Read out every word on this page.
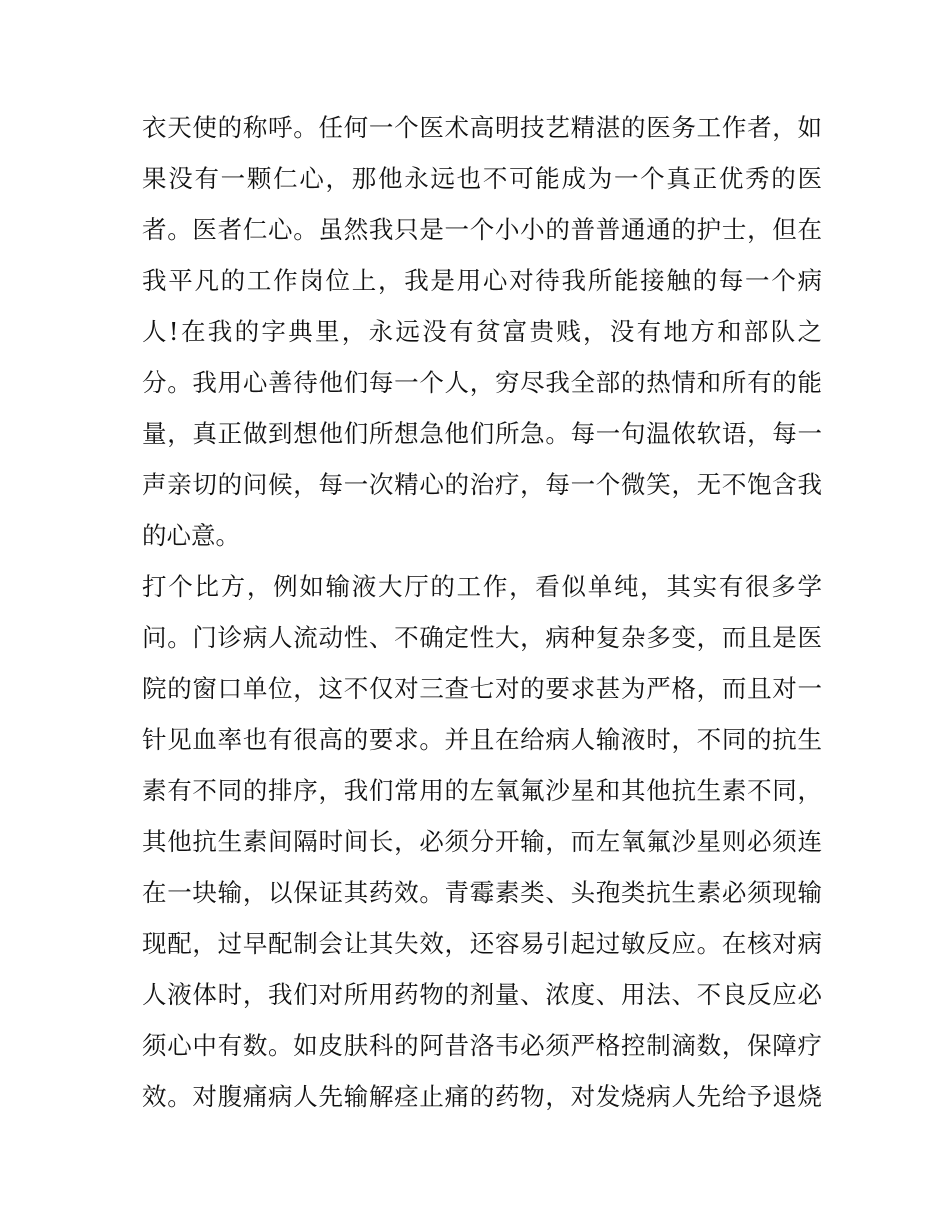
衣天使的称呼。任何一个医术高明技艺精湛的医务工作者，如
果没有一颗仁心，那他永远也不可能成为一个真正优秀的医
者。医者仁心。虽然我只是一个小小的普普通通的护士，但在
我平凡的工作岗位上，我是用心对待我所能接触的每一个病
人!在我的字典里，永远没有贫富贵贱，没有地方和部队之
分。我用心善待他们每一个人，穷尽我全部的热情和所有的能
量，真正做到想他们所想急他们所急。每一句温侬软语，每一
声亲切的问候，每一次精心的治疗，每一个微笑，无不饱含我
的心意。
打个比方，例如输液大厅的工作，看似单纯，其实有很多学
问。门诊病人流动性、不确定性大，病种复杂多变，而且是医
院的窗口单位，这不仅对三查七对的要求甚为严格，而且对一
针见血率也有很高的要求。并且在给病人输液时，不同的抗生
素有不同的排序，我们常用的左氧氟沙星和其他抗生素不同，
其他抗生素间隔时间长，必须分开输，而左氧氟沙星则必须连
在一块输，以保证其药效。青霉素类、头孢类抗生素必须现输
现配，过早配制会让其失效，还容易引起过敏反应。在核对病
人液体时，我们对所用药物的剂量、浓度、用法、不良反应必
须心中有数。如皮肤科的阿昔洛韦必须严格控制滴数，保障疗
效。对腹痛病人先输解痉止痛的药物，对发烧病人先给予退烧
